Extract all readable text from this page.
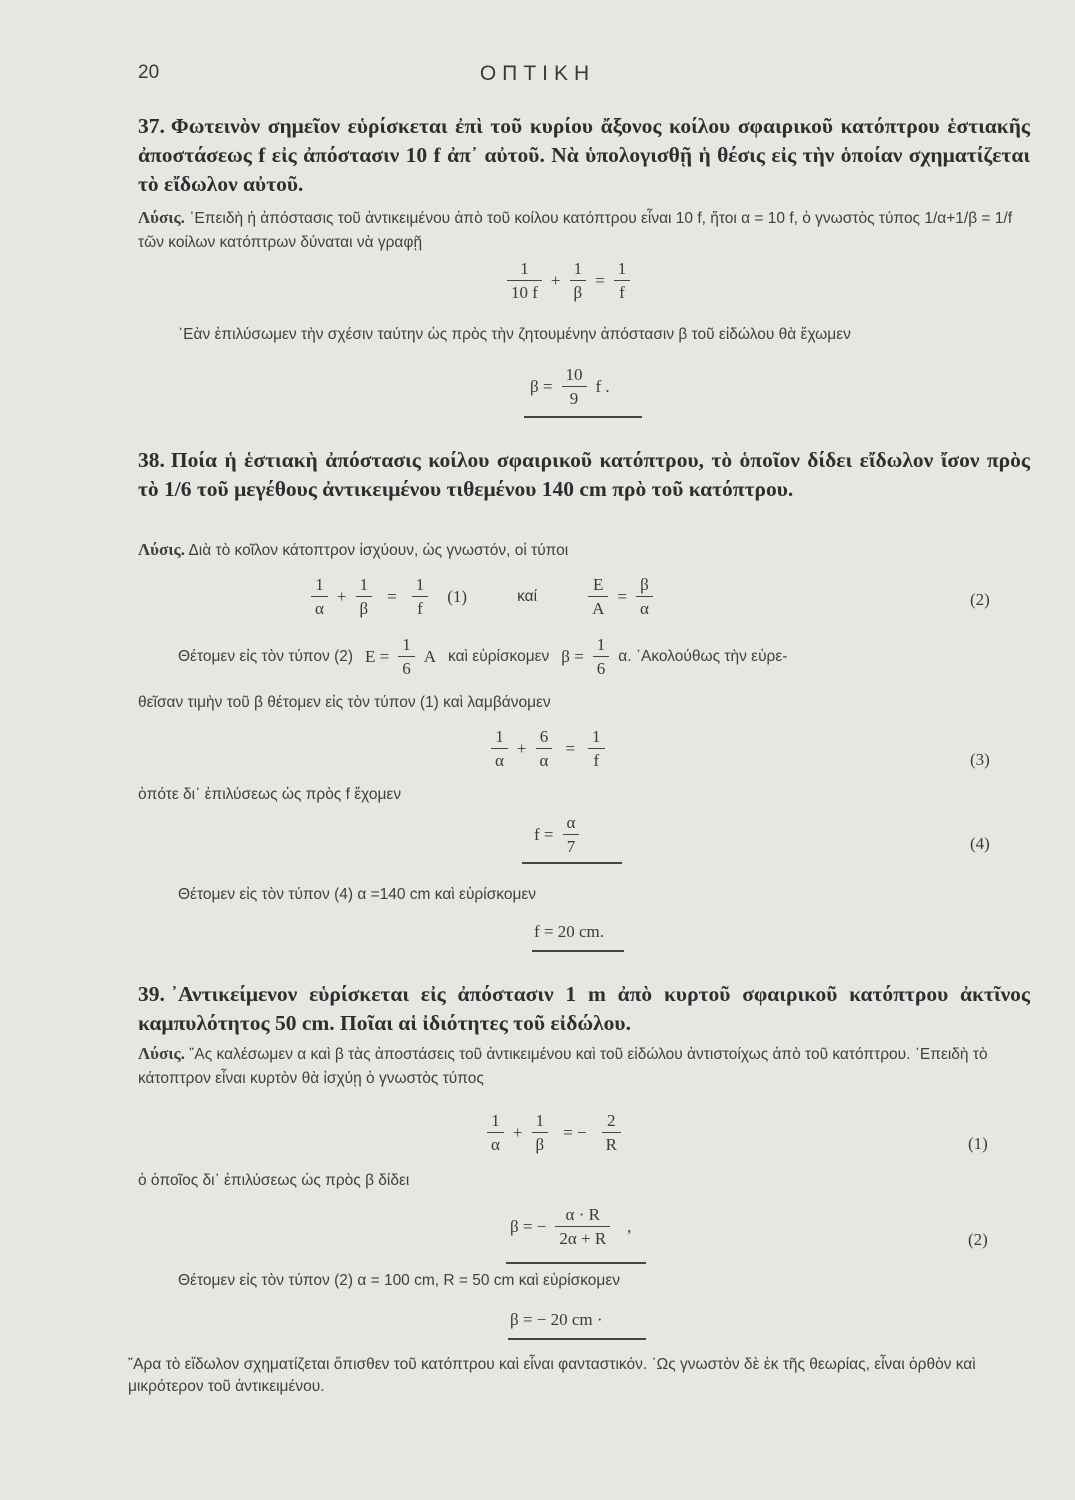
20	ΟΠΤΙΚΗ
37. Φωτεινὸν σημεῖον εὑρίσκεται ἐπὶ τοῦ κυρίου ἄξονος κοίλου σφαιρικοῦ κατόπτρου ἑστιακῆς ἀποστάσεως f εἰς ἀπόστασιν 10 f ἀπ᾿ αὐτοῦ. Νὰ ὑπολογισθῇ ἡ θέσις εἰς τὴν ὁποίαν σχηματίζεται τὸ εἴδωλον αὐτοῦ.
Λύσις. ᾿Επειδὴ ἡ ἀπόστασις τοῦ ἀντικειμένου ἀπὸ τοῦ κοίλου κατόπτρου εἶναι 10 f, ἤτοι α = 10 f, ὁ γνωστὸς τύπος 1/α+1/β = 1/f τῶν κοίλων κατόπτρων δύναται νὰ γραφῇ
$\frac{1}{10 f} + \frac{1}{\beta} = \frac{1}{f}$
᾿Εὰν ἐπιλύσωμεν τὴν σχέσιν ταύτην ὡς πρὸς τὴν ζητουμένην ἀπόστασιν β τοῦ εἰδώλου θὰ ἔχωμεν
$\beta = \frac{10}{9}$ f .
38. Ποία ἡ ἑστιακὴ ἀπόστασις κοίλου σφαιρικοῦ κατόπτρου, τὸ ὁποῖον δίδει εἴδωλον ἴσον πρὸς τὸ 1/6 τοῦ μεγέθους ἀντικειμένου τιθεμένου 140 cm πρὸ τοῦ κατόπτρου.
Λύσις. Διὰ τὸ κοῖλον κάτοπτρον ἰσχύουν, ὡς γνωστόν, οἱ τύποι
$\frac{1}{\alpha} + \frac{1}{\beta} = \frac{1}{f} (1)$	καί	$\frac{E}{A} = \frac{\beta}{\alpha}$	(2)
Θέτομεν εἰς τὸν τύπον (2) $E = \frac{1}{6}$ A καὶ εὑρίσκομεν $\beta = \frac{1}{6} \alpha$. ᾿Ακολούθως τὴν εὑρε-
θεῖσαν τιμὴν τοῦ β θέτομεν εἰς τὸν τύπον (1) καὶ λαμβάνομεν
$\frac{1}{\alpha} + \frac{6}{\alpha} = \frac{1}{f}$	(3)
ὁπότε δι᾿ ἐπιλύσεως ὡς πρὸς f ἔχομεν
$f = \frac{\alpha}{7}$	(4)
Θέτομεν εἰς τὸν τύπον (4) α =140 cm καὶ εὑρίσκομεν
f = 20 cm.
39. ᾿Αντικείμενον εὑρίσκεται εἰς ἀπόστασιν 1 m ἀπὸ κυρτοῦ σφαιρικοῦ κατόπτρου ἀκτῖνος καμπυλότητος 50 cm. Ποῖαι αἱ ἰδιότητες τοῦ εἰδώλου.
Λύσις. ῎Ας καλέσωμεν α καὶ β τὰς ἀποστάσεις τοῦ ἀντικειμένου καὶ τοῦ εἰδώλου ἀντιστοίχως ἀπὸ τοῦ κατόπτρου. ᾿Επειδὴ τὸ κάτοπτρον εἶναι κυρτὸν θὰ ἰσχύῃ ὁ γνωστὸς τύπος
$\frac{1}{\alpha} + \frac{1}{\beta}$ = − $\frac{2}{R}$	(1)
ὁ ὁποῖος δι᾿ ἐπιλύσεως ὡς πρὸς β δίδει
β = − $\frac{\alpha \cdot R}{2\alpha + R}$ ,
(2)
Θέτομεν εἰς τὸν τύπον (2) α = 100 cm, R = 50 cm καὶ εὑρίσκομεν
β = − 20 cm ·
῎Αρα τὸ εἴδωλον σχηματίζεται ὄπισθεν τοῦ κατόπτρου καὶ εἶναι φανταστικόν. ῾Ως γνωστὸν δὲ ἐκ τῆς θεωρίας, εἶναι ὀρθὸν καὶ μικρότερον τοῦ ἀντικειμένου.
